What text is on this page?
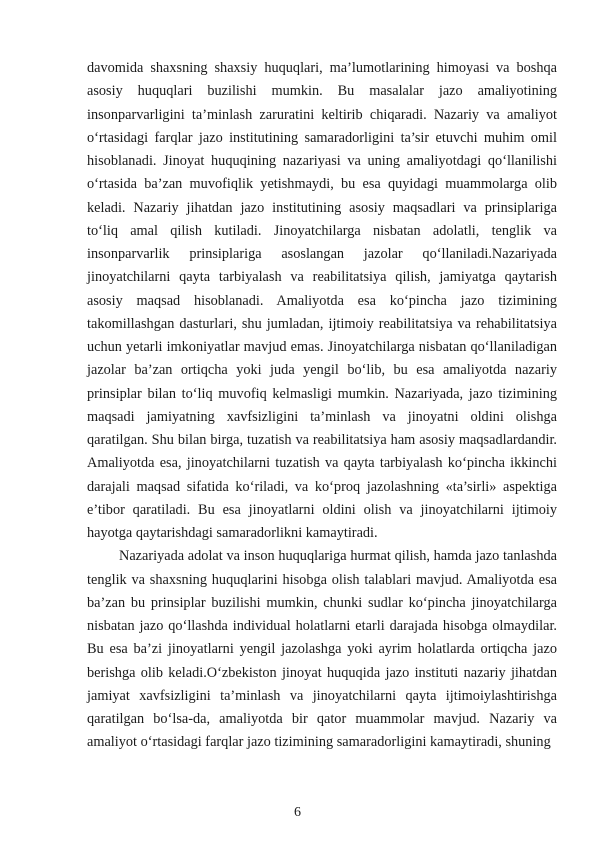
davomida shaxsning shaxsiy huquqlari, ma’lumotlarining himoyasi va boshqa asosiy huquqlari buzilishi mumkin. Bu masalalar jazo amaliyotining insonparvarligini ta’minlash zaruratini keltirib chiqaradi. Nazariy va amaliyot o‘rtasidagi farqlar jazo institutining samaradorligini ta’sir etuvchi muhim omil hisoblanadi. Jinoyat huquqining nazariyasi va uning amaliyotdagi qo‘llanilishi o‘rtasida ba’zan muvofiqlik yetishmaydi, bu esa quyidagi muammolarga olib keladi. Nazariy jihatdan jazo institutining asosiy maqsadlari va prinsiplariga to‘liq amal qilish kutiladi. Jinoyatchilarga nisbatan adolatli, tenglik va insonparvarlik prinsiplariga asoslangan jazolar qo‘llaniladi.Nazariyada jinoyatchilarni qayta tarbiyalash va reabilitatsiya qilish, jamiyatga qaytarish asosiy maqsad hisoblanadi. Amaliyotda esa ko‘pincha jazo tizimining takomillashgan dasturlari, shu jumladan, ijtimoiy reabilitatsiya va rehabilitatsiya uchun yetarli imkoniyatlar mavjud emas. Jinoyatchilarga nisbatan qo‘llaniladigan jazolar ba’zan ortiqcha yoki juda yengil bo‘lib, bu esa amaliyotda nazariy prinsiplar bilan to‘liq muvofiq kelmasligi mumkin. Nazariyada, jazo tizimining maqsadi jamiyatning xavfsizligini ta’minlash va jinoyatni oldini olishga qaratilgan. Shu bilan birga, tuzatish va reabilitatsiya ham asosiy maqsadlardandir. Amaliyotda esa, jinoyatchilarni tuzatish va qayta tarbiyalash ko‘pincha ikkinchi darajali maqsad sifatida ko‘riladi, va ko‘proq jazolashning «ta’sirli» aspektiga e’tibor qaratiladi. Bu esa jinoyatlarni oldini olish va jinoyatchilarni ijtimoiy hayotga qaytarishdagi samaradorlikni kamaytiradi.

Nazariyada adolat va inson huquqlariga hurmat qilish, hamda jazo tanlashda tenglik va shaxsning huquqlarini hisobga olish talablari mavjud. Amaliyotda esa ba’zan bu prinsiplar buzilishi mumkin, chunki sudlar ko‘pincha jinoyatchilarga nisbatan jazo qo‘llashda individual holatlarni etarli darajada hisobga olmaydilar. Bu esa ba’zi jinoyatlarni yengil jazolashga yoki ayrim holatlarda ortiqcha jazo berishga olib keladi.O‘zbekiston jinoyat huquqida jazo instituti nazariy jihatdan jamiyat xavfsizligini ta’minlash va jinoyatchilarni qayta ijtimoiylashtirishga qaratilgan bo‘lsa-da, amaliyotda bir qator muammolar mavjud. Nazariy va amaliyot o‘rtasidagi farqlar jazo tizimining samaradorligini kamaytiradi, shuning

6
